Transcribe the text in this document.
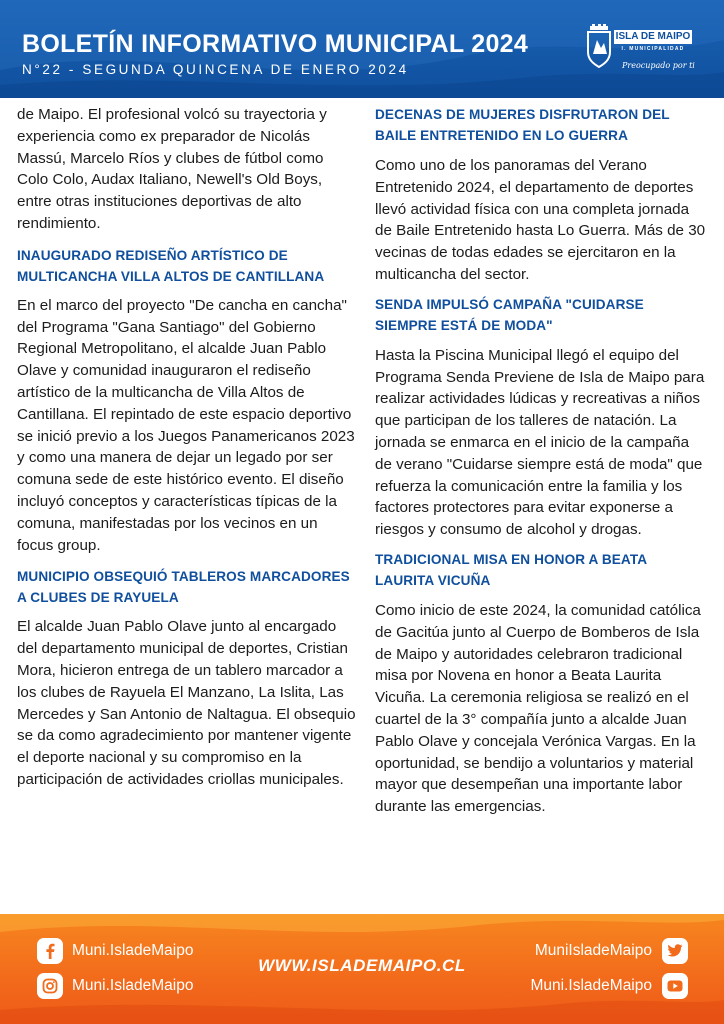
BOLETÍN INFORMATIVO MUNICIPAL 2024
N°22 - SEGUNDA QUINCENA DE ENERO 2024
ISLA DE MAIPO
I. MUNICIPALIDAD
Preocupado por ti

de Maipo. El profesional volcó su trayectoria y experiencia como ex preparador de Nicolás Massú, Marcelo Ríos y clubes de fútbol como Colo Colo, Audax Italiano, Newell's Old Boys, entre otras instituciones deportivas de alto rendimiento.

INAUGURADO REDISEÑO ARTÍSTICO DE MULTICANCHA VILLA ALTOS DE CANTILLANA

En el marco del proyecto "De cancha en cancha" del Programa "Gana Santiago" del Gobierno Regional Metropolitano, el alcalde Juan Pablo Olave y comunidad inauguraron el rediseño artístico de la multicancha de Villa Altos de Cantillana. El repintado de este espacio deportivo se inició previo a los Juegos Panamericanos 2023 y como una manera de dejar un legado por ser comuna sede de este histórico evento. El diseño incluyó conceptos y características típicas de la comuna, manifestadas por los vecinos en un focus group.

MUNICIPIO OBSEQUIÓ TABLEROS MARCADORES A CLUBES DE RAYUELA

El alcalde Juan Pablo Olave junto al encargado del departamento municipal de deportes, Cristian Mora, hicieron entrega de un tablero marcador a los clubes de Rayuela El Manzano, La Islita, Las Mercedes y San Antonio de Naltagua. El obsequio se da como agradecimiento por mantener vigente el deporte nacional y su compromiso en la participación de actividades criollas municipales.

DECENAS DE MUJERES DISFRUTARON DEL BAILE ENTRETENIDO EN LO GUERRA

Como uno de los panoramas del Verano Entretenido 2024, el departamento de deportes llevó actividad física con una completa jornada de Baile Entretenido hasta Lo Guerra. Más de 30 vecinas de todas edades se ejercitaron en la multicancha del sector.

SENDA IMPULSÓ CAMPAÑA "CUIDARSE SIEMPRE ESTÁ DE MODA"

Hasta la Piscina Municipal llegó el equipo del Programa Senda Previene de Isla de Maipo para realizar actividades lúdicas y recreativas a niños que participan de los talleres de natación. La jornada se enmarca en el inicio de la campaña de verano "Cuidarse siempre está de moda" que refuerza la comunicación entre la familia y los factores protectores para evitar exponerse a riesgos y consumo de alcohol y drogas.

TRADICIONAL MISA EN HONOR A BEATA LAURITA VICUÑA

Como inicio de este 2024, la comunidad católica de Gacitúa junto al Cuerpo de Bomberos de Isla de Maipo y autoridades celebraron tradicional misa por Novena en honor a Beata Laurita Vicuña. La ceremonia religiosa se realizó en el cuartel de la 3° compañía junto a alcalde Juan Pablo Olave y concejala Verónica Vargas. En la oportunidad, se bendijo a voluntarios y material mayor que desempeñan una importante labor durante las emergencias.

Muni.IsladeMaipo
Muni.IsladeMaipo
WWW.ISLADEMAIPO.CL
MuniIsladeMaipo
Muni.IsladeMaipo
